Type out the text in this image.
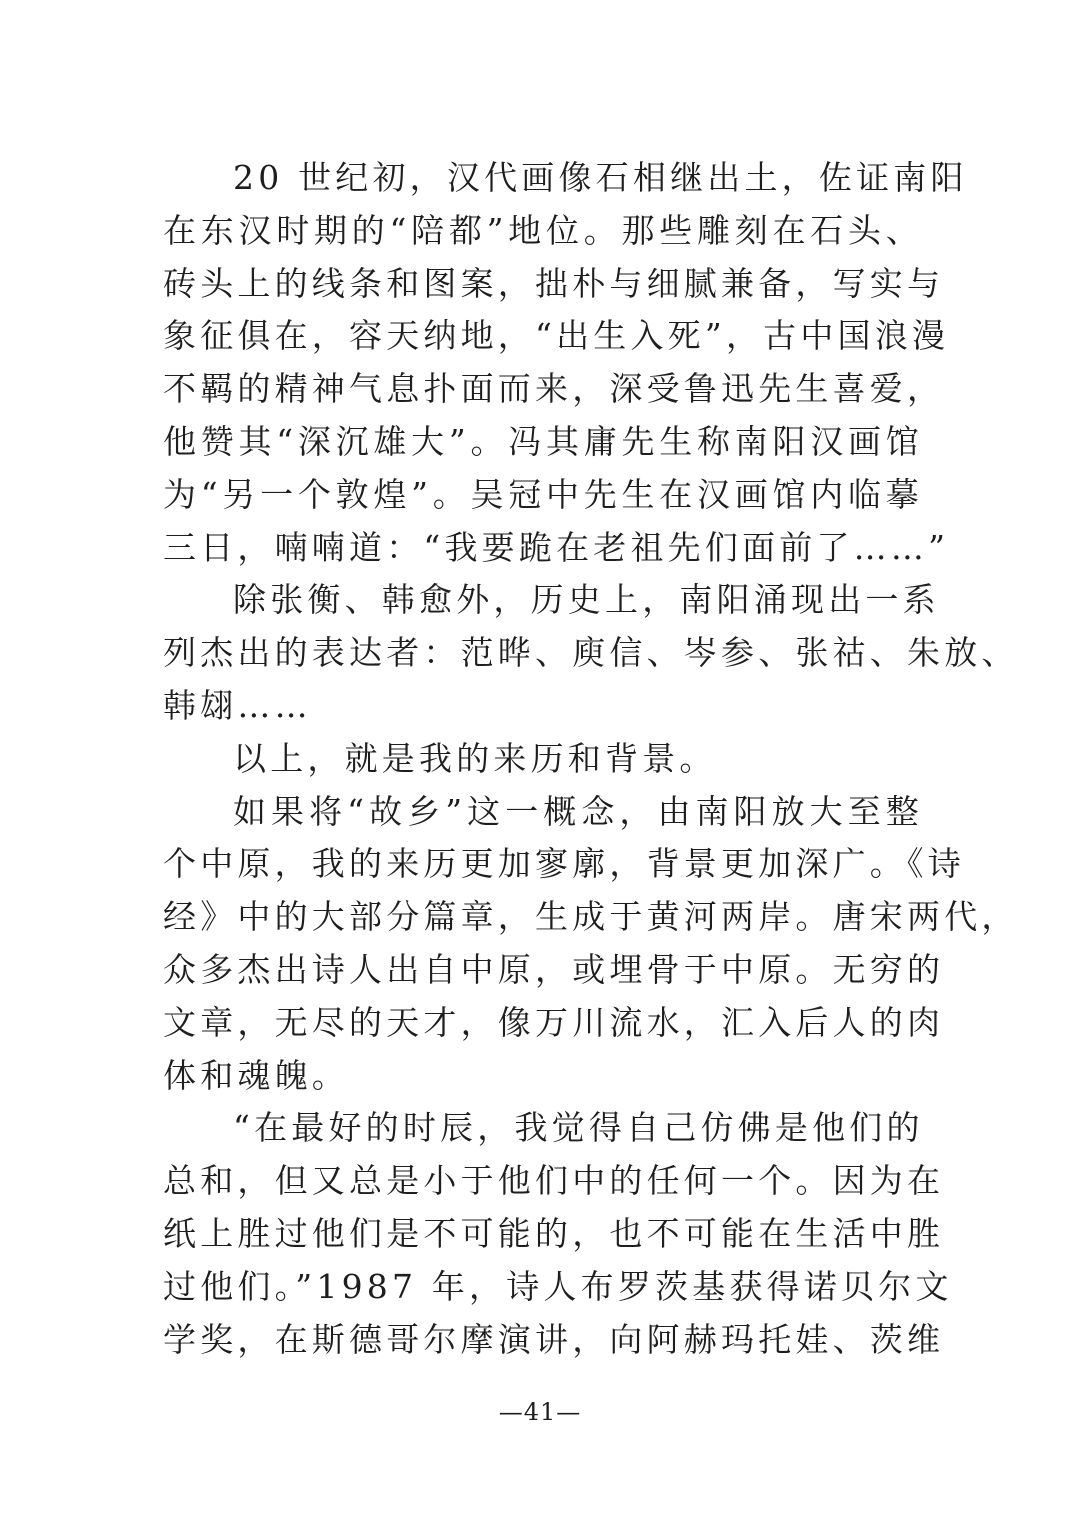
20 世纪初，汉代画像石相继出土，佐证南阳
在东汉时期的“陪都”地位。那些雕刻在石头、
砖头上的线条和图案，拙朴与细腻兼备，写实与
象征俱在，容天纳地，“出生入死”，古中国浪漫
不羁的精神气息扑面而来，深受鲁迅先生喜爱，
他赞其“深沉雄大”。冯其庸先生称南阳汉画馆
为“另一个敦煌”。吴冠中先生在汉画馆内临摹
三日，喃喃道：“我要跪在老祖先们面前了……”
除张衡、韩愈外，历史上，南阳涌现出一系
列杰出的表达者：范晔、庾信、岑参、张祜、朱放、
韩翃……
以上，就是我的来历和背景。
如果将“故乡”这一概念，由南阳放大至整
个中原，我的来历更加寥廓，背景更加深广。《诗
经》中的大部分篇章，生成于黄河两岸。唐宋两代，
众多杰出诗人出自中原，或埋骨于中原。无穷的
文章，无尽的天才，像万川流水，汇入后人的肉
体和魂魄。
“在最好的时辰，我觉得自己仿佛是他们的
总和，但又总是小于他们中的任何一个。因为在
纸上胜过他们是不可能的，也不可能在生活中胜
过他们。”1987 年，诗人布罗茨基获得诺贝尔文
学奖，在斯德哥尔摩演讲，向阿赫玛托娃、茨维
—41—
